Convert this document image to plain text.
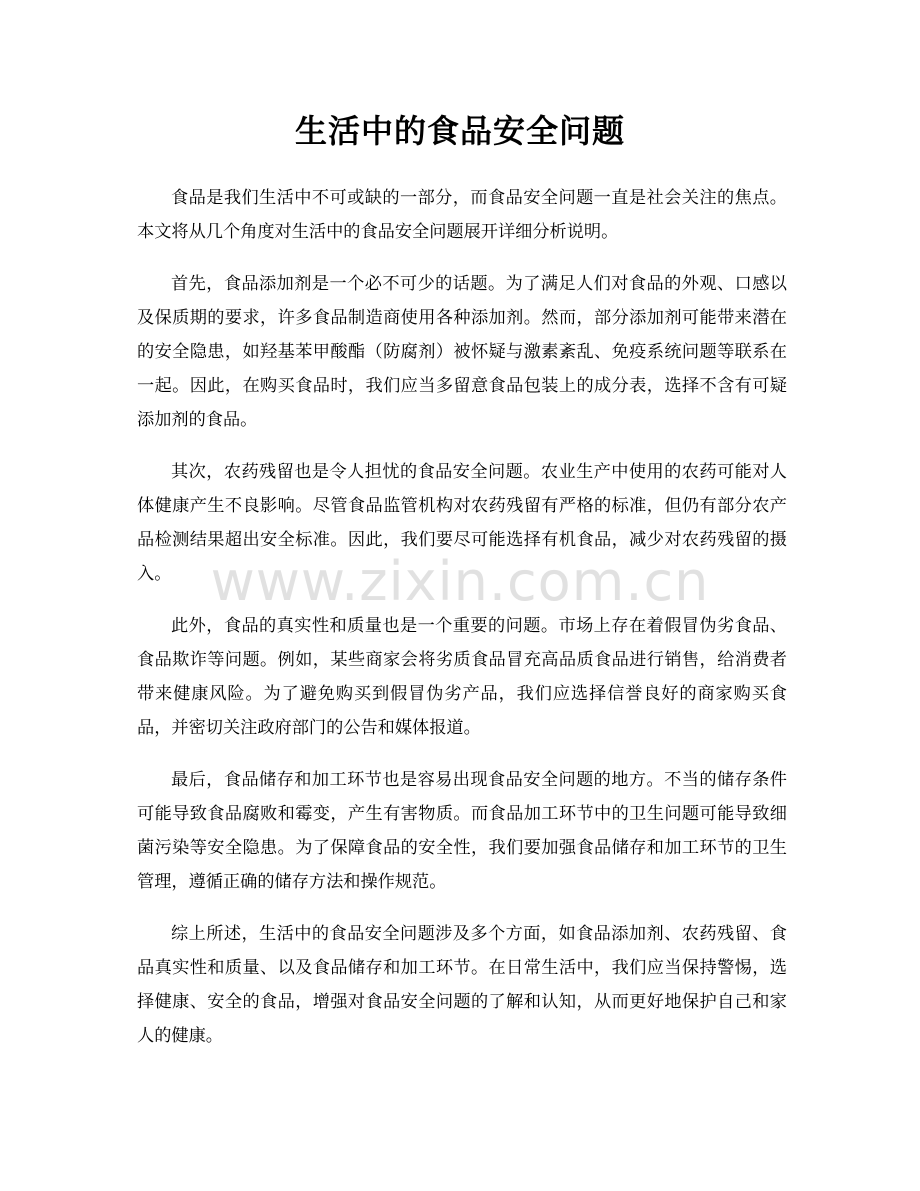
生活中的食品安全问题

食品是我们生活中不可或缺的一部分，而食品安全问题一直是社会关注的焦点。本文将从几个角度对生活中的食品安全问题展开详细分析说明。

首先，食品添加剂是一个必不可少的话题。为了满足人们对食品的外观、口感以及保质期的要求，许多食品制造商使用各种添加剂。然而，部分添加剂可能带来潜在的安全隐患，如羟基苯甲酸酯（防腐剂）被怀疑与激素紊乱、免疫系统问题等联系在一起。因此，在购买食品时，我们应当多留意食品包装上的成分表，选择不含有可疑添加剂的食品。

其次，农药残留也是令人担忧的食品安全问题。农业生产中使用的农药可能对人体健康产生不良影响。尽管食品监管机构对农药残留有严格的标准，但仍有部分农产品检测结果超出安全标准。因此，我们要尽可能选择有机食品，减少对农药残留的摄入。

此外，食品的真实性和质量也是一个重要的问题。市场上存在着假冒伪劣食品、食品欺诈等问题。例如，某些商家会将劣质食品冒充高品质食品进行销售，给消费者带来健康风险。为了避免购买到假冒伪劣产品，我们应选择信誉良好的商家购买食品，并密切关注政府部门的公告和媒体报道。

最后，食品储存和加工环节也是容易出现食品安全问题的地方。不当的储存条件可能导致食品腐败和霉变，产生有害物质。而食品加工环节中的卫生问题可能导致细菌污染等安全隐患。为了保障食品的安全性，我们要加强食品储存和加工环节的卫生管理，遵循正确的储存方法和操作规范。

综上所述，生活中的食品安全问题涉及多个方面，如食品添加剂、农药残留、食品真实性和质量、以及食品储存和加工环节。在日常生活中，我们应当保持警惕，选择健康、安全的食品，增强对食品安全问题的了解和认知，从而更好地保护自己和家人的健康。

www.zixin.com.cn
